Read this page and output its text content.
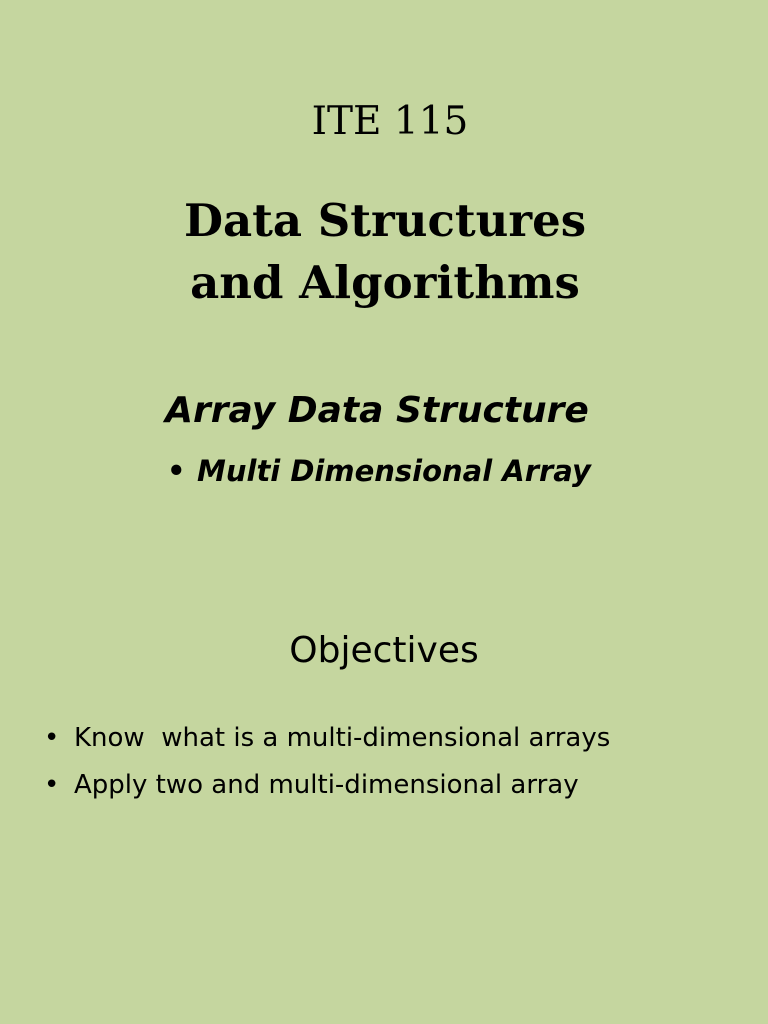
ITE 115
Data Structures and Algorithms
Array Data Structure
• Multi Dimensional Array
Objectives
• Know  what is a multi-dimensional arrays
• Apply two and multi-dimensional array
